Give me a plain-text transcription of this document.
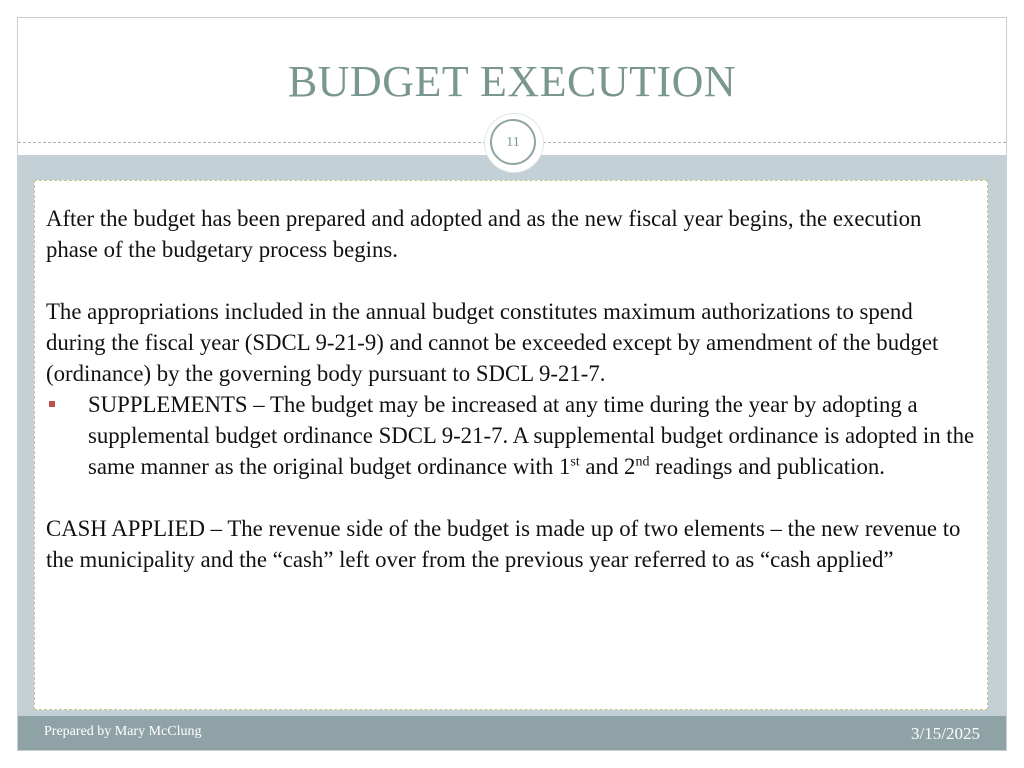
BUDGET EXECUTION
11

After the budget has been prepared and adopted and as the new fiscal year begins, the execution phase of the budgetary process begins.

The appropriations included in the annual budget constitutes maximum authorizations to spend during the fiscal year (SDCL 9-21-9) and cannot be exceeded except by amendment of the budget (ordinance) by the governing body pursuant to SDCL 9-21-7.

SUPPLEMENTS – The budget may be increased at any time during the year by adopting a supplemental budget ordinance SDCL 9-21-7. A supplemental budget ordinance is adopted in the same manner as the original budget ordinance with 1st and 2nd readings and publication.

CASH APPLIED – The revenue side of the budget is made up of two elements – the new revenue to the municipality and the “cash” left over from the previous year referred to as “cash applied”

Prepared by Mary McClung	3/15/2025
